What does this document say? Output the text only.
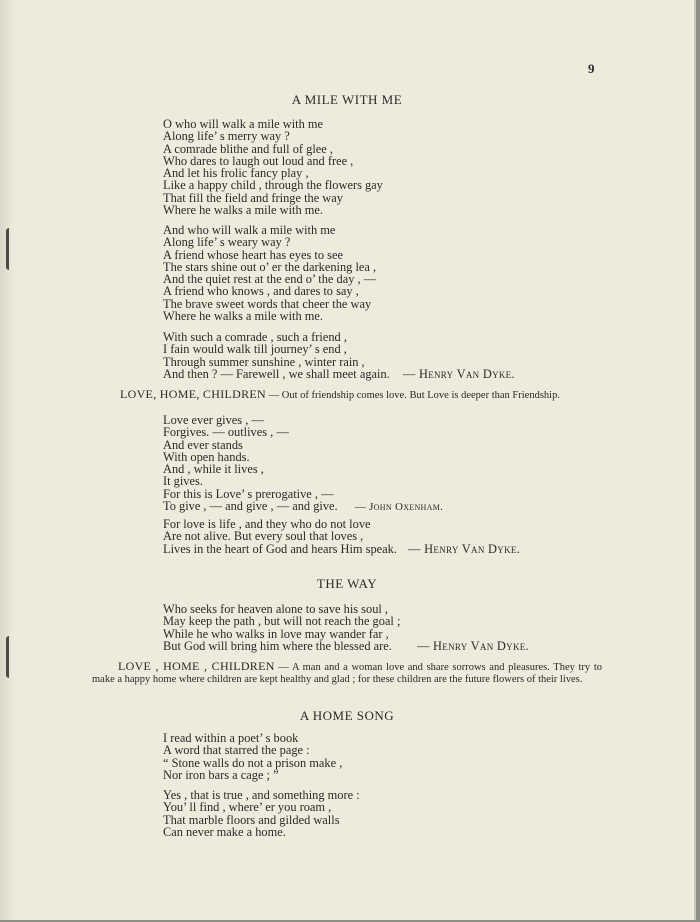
9
A MILE WITH ME
O who will walk a mile with me
Along life’ s merry way ?
A comrade blithe and full of glee ,
Who dares to laugh out loud and free ,
And let his frolic fancy play ,
Like a happy child , through the flowers gay
That fill the field and fringe the way
Where he walks a mile with me.
And who will walk a mile with me
Along life’ s weary way ?
A friend whose heart has eyes to see
The stars shine out o’ er the darkening lea ,
And the quiet rest at the end o’ the day , —
A friend who knows , and dares to say ,
The brave sweet words that cheer the way
Where he walks a mile with me.
With such a comrade , such a friend ,
I fain would walk till journey’ s end ,
Through summer sunshine , winter rain ,
And then ? — Farewell , we shall meet again. — Henry Van Dyke.
LOVE, HOME, CHILDREN — Out of friendship comes love. But Love is deeper than Friendship.
Love ever gives , —
Forgives. — outlives , —
And ever stands
With open hands.
And , while it lives ,
It gives.
For this is Love’ s prerogative , —
To give , — and give , — and give. — John Oxenham.
For love is life , and they who do not love
Are not alive. But every soul that loves ,
Lives in the heart of God and hears Him speak. — Henry Van Dyke.
THE WAY
Who seeks for heaven alone to save his soul ,
May keep the path , but will not reach the goal ;
While he who walks in love may wander far ,
But God will bring him where the blessed are. — Henry Van Dyke.
LOVE , HOME , CHILDREN — A man and a woman love and share sorrows and pleasures. They try to make a happy home where children are kept healthy and glad ; for these children are the future flowers of their lives.
A HOME SONG
I read within a poet’ s book
A word that starred the page :
“ Stone walls do not a prison make ,
Nor iron bars a cage ; ”
Yes , that is true , and something more :
You’ ll find , where’ er you roam ,
That marble floors and gilded walls
Can never make a home.
